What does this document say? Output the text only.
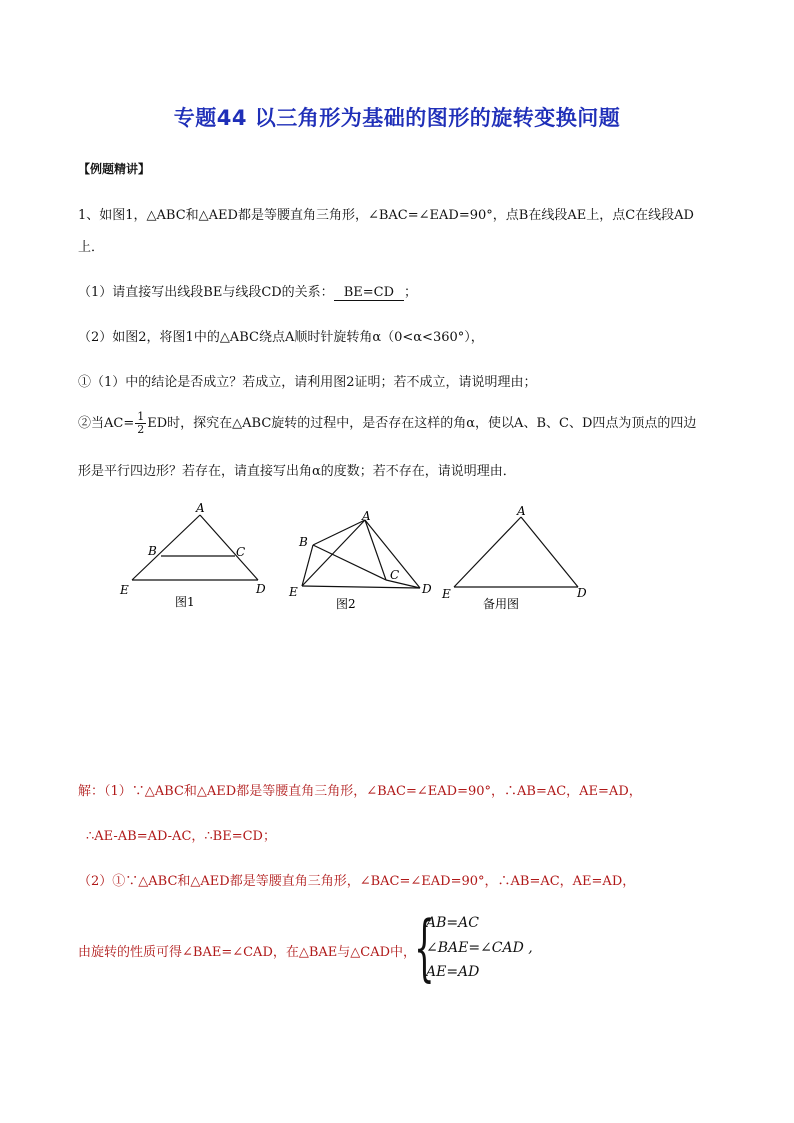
专题44 以三角形为基础的图形的旋转变换问题
【例题精讲】
1、如图1，△ABC和△AED都是等腰直角三角形，∠BAC=∠EAD=90°，点B在线段AE上，点C在线段AD
上．
（1）请直接写出线段BE与线段CD的关系： BE=CD ；
（2）如图2，将图1中的△ABC绕点A顺时针旋转角α（0<α<360°），
①（1）中的结论是否成立？若成立，请利用图2证明；若不成立，请说明理由；
②当$AC= \frac{1}{2}$ ED时，探究在△ABC旋转的过程中，是否存在这样的角α，使以A、B、C、D四点为顶点的四边
形是平行四边形？若存在，请直接写出角α的度数；若不存在，请说明理由．
A
B	C
D
E
图1
A
B
C
D
E
图2
A
D
E
备用图
解：（1）∵△ABC和△AED都是等腰直角三角形，∠BAC=∠EAD=90°，∴AB=AC，AE=AD，
∴AE-AB=AD-AC，∴BE=CD；
（2）①∵△ABC和△AED都是等腰直角三角形，∠BAC=∠EAD=90°，∴AB=AC，AE=AD，
由旋转的性质可得∠BAE=∠CAD，在△BAE与△CAD中，
{
AB=AC
∠BAE=∠CAD ,
AE=AD
